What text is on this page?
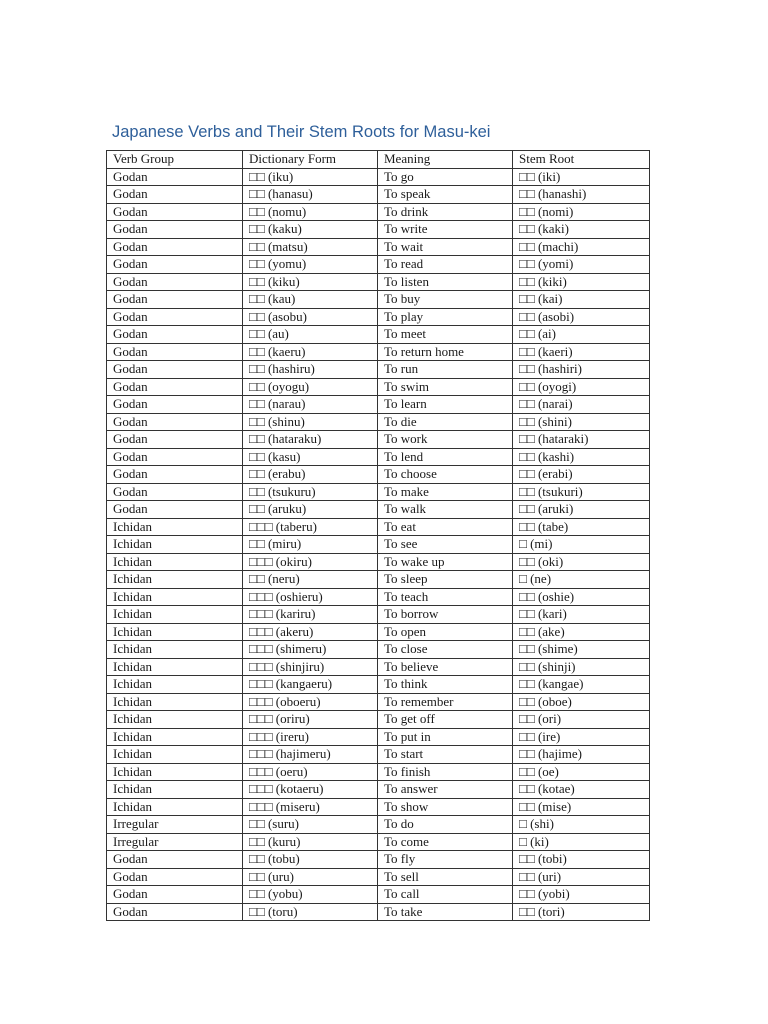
Japanese Verbs and Their Stem Roots for Masu-kei
Verb Group	Dictionary Form	Meaning	Stem Root
Godan	□□ (iku)	To go	□□ (iki)
Godan	□□ (hanasu)	To speak	□□ (hanashi)
Godan	□□ (nomu)	To drink	□□ (nomi)
Godan	□□ (kaku)	To write	□□ (kaki)
Godan	□□ (matsu)	To wait	□□ (machi)
Godan	□□ (yomu)	To read	□□ (yomi)
Godan	□□ (kiku)	To listen	□□ (kiki)
Godan	□□ (kau)	To buy	□□ (kai)
Godan	□□ (asobu)	To play	□□ (asobi)
Godan	□□ (au)	To meet	□□ (ai)
Godan	□□ (kaeru)	To return home	□□ (kaeri)
Godan	□□ (hashiru)	To run	□□ (hashiri)
Godan	□□ (oyogu)	To swim	□□ (oyogi)
Godan	□□ (narau)	To learn	□□ (narai)
Godan	□□ (shinu)	To die	□□ (shini)
Godan	□□ (hataraku)	To work	□□ (hataraki)
Godan	□□ (kasu)	To lend	□□ (kashi)
Godan	□□ (erabu)	To choose	□□ (erabi)
Godan	□□ (tsukuru)	To make	□□ (tsukuri)
Godan	□□ (aruku)	To walk	□□ (aruki)
Ichidan	□□□ (taberu)	To eat	□□ (tabe)
Ichidan	□□ (miru)	To see	□ (mi)
Ichidan	□□□ (okiru)	To wake up	□□ (oki)
Ichidan	□□ (neru)	To sleep	□ (ne)
Ichidan	□□□ (oshieru)	To teach	□□ (oshie)
Ichidan	□□□ (kariru)	To borrow	□□ (kari)
Ichidan	□□□ (akeru)	To open	□□ (ake)
Ichidan	□□□ (shimeru)	To close	□□ (shime)
Ichidan	□□□ (shinjiru)	To believe	□□ (shinji)
Ichidan	□□□ (kangaeru)	To think	□□ (kangae)
Ichidan	□□□ (oboeru)	To remember	□□ (oboe)
Ichidan	□□□ (oriru)	To get off	□□ (ori)
Ichidan	□□□ (ireru)	To put in	□□ (ire)
Ichidan	□□□ (hajimeru)	To start	□□ (hajime)
Ichidan	□□□ (oeru)	To finish	□□ (oe)
Ichidan	□□□ (kotaeru)	To answer	□□ (kotae)
Ichidan	□□□ (miseru)	To show	□□ (mise)
Irregular	□□ (suru)	To do	□ (shi)
Irregular	□□ (kuru)	To come	□ (ki)
Godan	□□ (tobu)	To fly	□□ (tobi)
Godan	□□ (uru)	To sell	□□ (uri)
Godan	□□ (yobu)	To call	□□ (yobi)
Godan	□□ (toru)	To take	□□ (tori)
